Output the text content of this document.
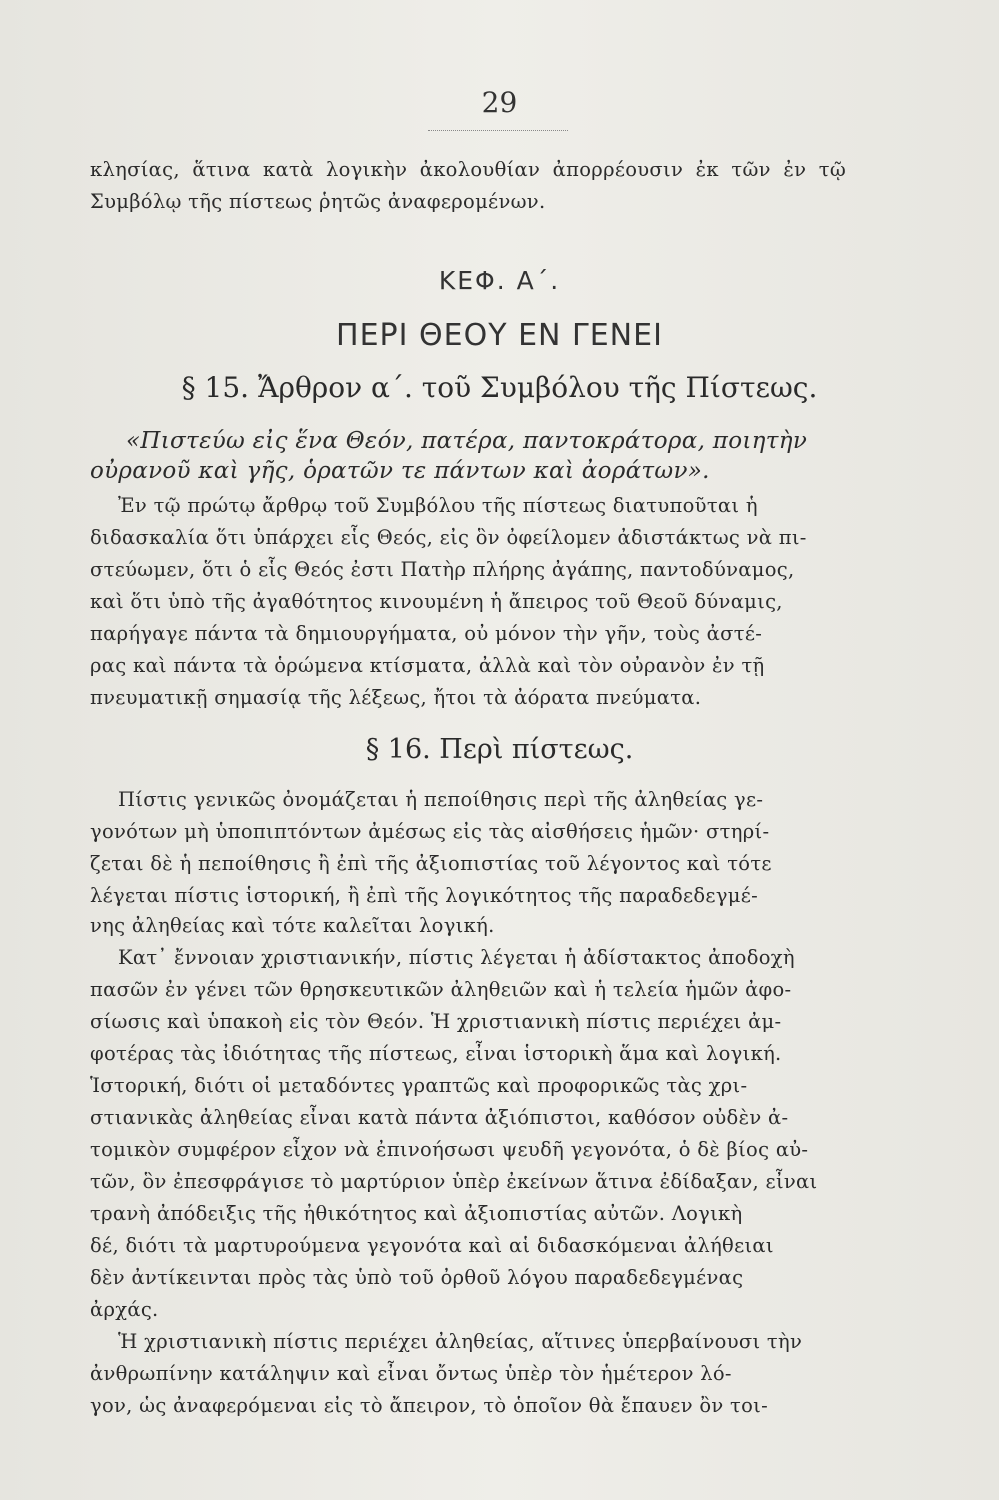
29
κλησίας, ἅτινα κατὰ λογικὴν ἀκολουθίαν ἀπορρέουσιν ἐκ τῶν ἐν τῷ
Συμβόλῳ τῆς πίστεως ῥητῶς ἀναφερομένων.
ΚΕΦ. Α΄.
ΠΕΡΙ ΘΕΟΥ ΕΝ ΓΕΝΕΙ
§ 15. Ἄρθρον α΄. τοῦ Συμβόλου τῆς Πίστεως.
«Πιστεύω εἰς ἕνα Θεόν, πατέρα, παντοκράτορα, ποιητὴν
οὐρανοῦ καὶ γῆς, ὁρατῶν τε πάντων καὶ ἀοράτων».
Ἐν τῷ πρώτῳ ἄρθρῳ τοῦ Συμβόλου τῆς πίστεως διατυποῦται ἡ
διδασκαλία ὅτι ὑπάρχει εἷς Θεός, εἰς ὃν ὀφείλομεν ἀδιστάκτως νὰ πι-
στεύωμεν, ὅτι ὁ εἷς Θεός ἐστι Πατὴρ πλήρης ἀγάπης, παντοδύναμος,
καὶ ὅτι ὑπὸ τῆς ἀγαθότητος κινουμένη ἡ ἄπειρος τοῦ Θεοῦ δύναμις,
παρήγαγε πάντα τὰ δημιουργήματα, οὐ μόνον τὴν γῆν, τοὺς ἀστέ-
ρας καὶ πάντα τὰ ὁρώμενα κτίσματα, ἀλλὰ καὶ τὸν οὐρανὸν ἐν τῇ
πνευματικῇ σημασίᾳ τῆς λέξεως, ἤτοι τὰ ἀόρατα πνεύματα.
§ 16. Περὶ πίστεως.
Πίστις γενικῶς ὀνομάζεται ἡ πεποίθησις περὶ τῆς ἀληθείας γε-
γονότων μὴ ὑποπιπτόντων ἀμέσως εἰς τὰς αἰσθήσεις ἡμῶν· στηρί-
ζεται δὲ ἡ πεποίθησις ἢ ἐπὶ τῆς ἀξιοπιστίας τοῦ λέγοντος καὶ τότε
λέγεται πίστις ἱστορική, ἢ ἐπὶ τῆς λογικότητος τῆς παραδεδεγμέ-
νης ἀληθείας καὶ τότε καλεῖται λογική.
Κατ᾽ ἔννοιαν χριστιανικήν, πίστις λέγεται ἡ ἀδίστακτος ἀποδοχὴ
πασῶν ἐν γένει τῶν θρησκευτικῶν ἀληθειῶν καὶ ἡ τελεία ἡμῶν ἀφο-
σίωσις καὶ ὑπακοὴ εἰς τὸν Θεόν. Ἡ χριστιανικὴ πίστις περιέχει ἀμ-
φοτέρας τὰς ἰδιότητας τῆς πίστεως, εἶναι ἱστορικὴ ἅμα καὶ λογική.
Ἱστορική, διότι οἱ μεταδόντες γραπτῶς καὶ προφορικῶς τὰς χρι-
στιανικὰς ἀληθείας εἶναι κατὰ πάντα ἀξιόπιστοι, καθόσον οὐδὲν ἀ-
τομικὸν συμφέρον εἶχον νὰ ἐπινοήσωσι ψευδῆ γεγονότα, ὁ δὲ βίος αὐ-
τῶν, ὃν ἐπεσφράγισε τὸ μαρτύριον ὑπὲρ ἐκείνων ἅτινα ἐδίδαξαν, εἶναι
τρανὴ ἀπόδειξις τῆς ἠθικότητος καὶ ἀξιοπιστίας αὐτῶν. Λογικὴ
δέ, διότι τὰ μαρτυρούμενα γεγονότα καὶ αἱ διδασκόμεναι ἀλήθειαι
δὲν ἀντίκεινται πρὸς τὰς ὑπὸ τοῦ ὀρθοῦ λόγου παραδεδεγμένας
ἀρχάς.
Ἡ χριστιανικὴ πίστις περιέχει ἀληθείας, αἵτινες ὑπερβαίνουσι τὴν
ἀνθρωπίνην κατάληψιν καὶ εἶναι ὄντως ὑπὲρ τὸν ἡμέτερον λό-
γον, ὡς ἀναφερόμεναι εἰς τὸ ἄπειρον, τὸ ὁποῖον θὰ ἔπαυεν ὂν τοι-
